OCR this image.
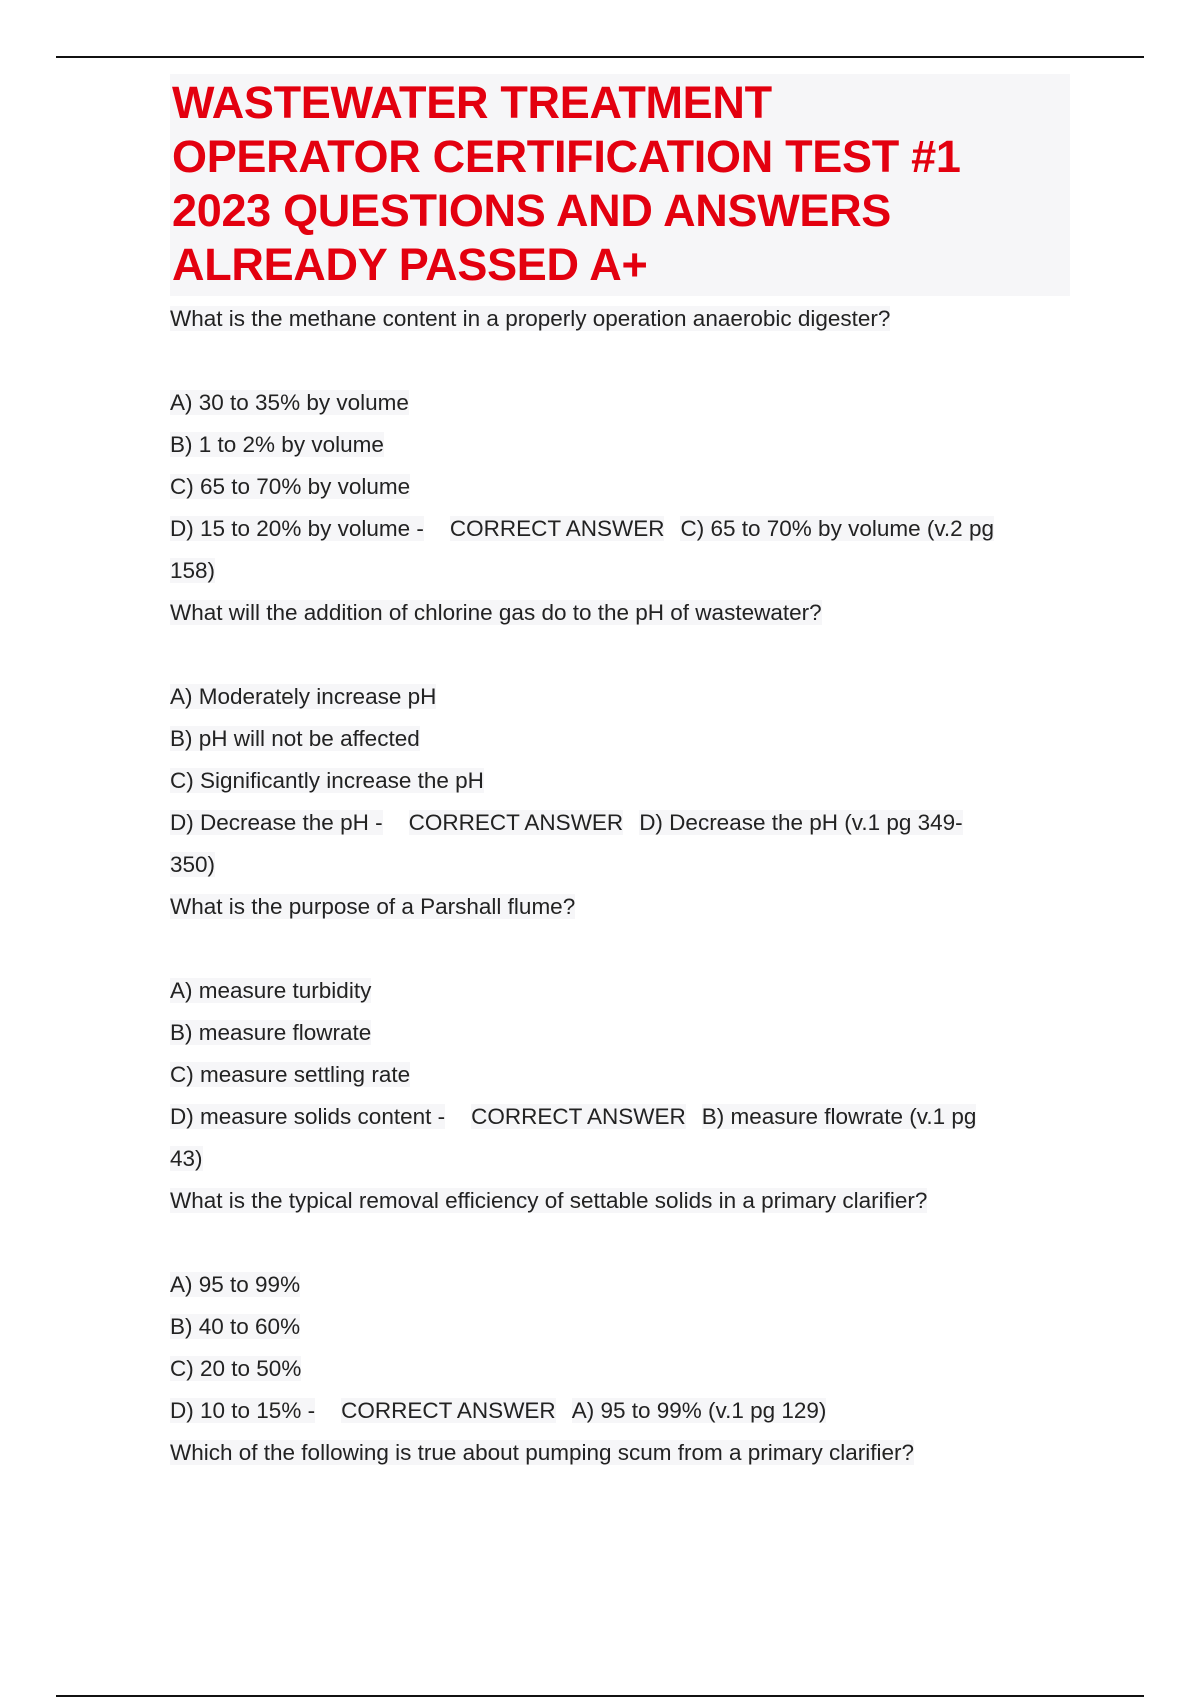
WASTEWATER TREATMENT
OPERATOR CERTIFICATION TEST #1
2023 QUESTIONS AND ANSWERS
ALREADY PASSED A+
What is the methane content in a properly operation anaerobic digester?
A) 30 to 35% by volume
B) 1 to 2% by volume
C) 65 to 70% by volume
D) 15 to 20% by volume - CORRECT ANSWER C) 65 to 70% by volume (v.2 pg
158)
What will the addition of chlorine gas do to the pH of wastewater?
A) Moderately increase pH
B) pH will not be affected
C) Significantly increase the pH
D) Decrease the pH - CORRECT ANSWER D) Decrease the pH (v.1 pg 349-
350)
What is the purpose of a Parshall flume?
A) measure turbidity
B) measure flowrate
C) measure settling rate
D) measure solids content - CORRECT ANSWER B) measure flowrate (v.1 pg
43)
What is the typical removal efficiency of settable solids in a primary clarifier?
A) 95 to 99%
B) 40 to 60%
C) 20 to 50%
D) 10 to 15% - CORRECT ANSWER A) 95 to 99% (v.1 pg 129)
Which of the following is true about pumping scum from a primary clarifier?
